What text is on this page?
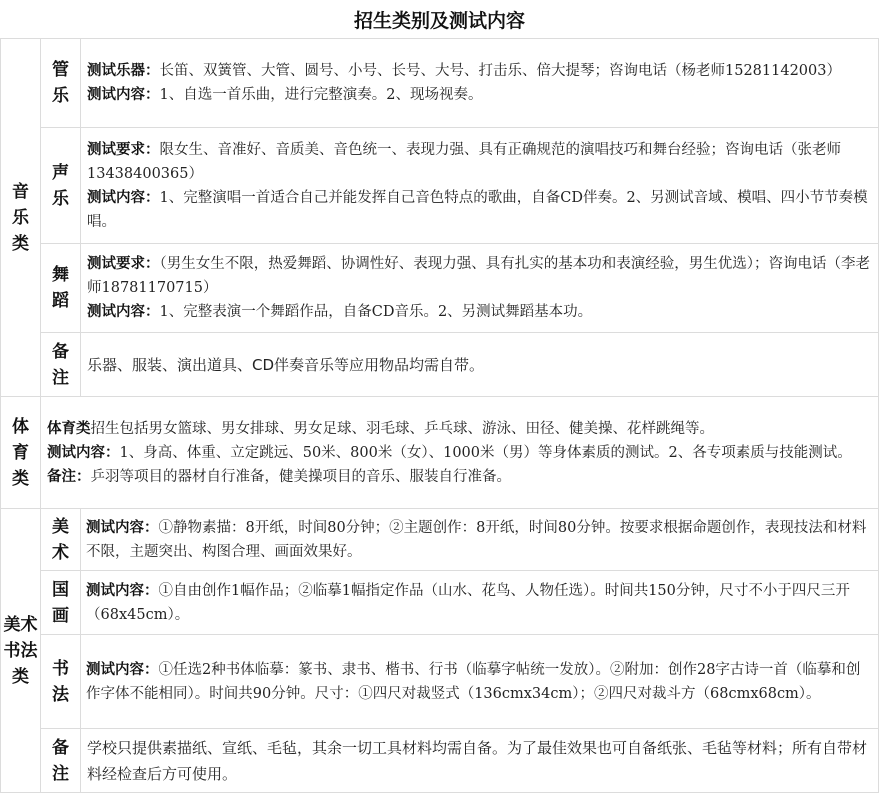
招生类别及测试内容
音乐类	管乐	测试乐器：长笛、双簧管、大管、圆号、小号、长号、大号、打击乐、倍大提琴；咨询电话（杨老师15281142003）
测试内容：1、自选一首乐曲，进行完整演奏。2、现场视奏。

	声乐	测试要求：限女生、音准好、音质美、音色统一、表现力强、具有正确规范的演唱技巧和舞台经验；咨询电话（张老师13438400365）
测试内容：1、完整演唱一首适合自己并能发挥自己音色特点的歌曲，自备CD伴奏。2、另测试音域、模唱、四小节节奏模唱。

	舞蹈	测试要求：（男生女生不限，热爱舞蹈、协调性好、表现力强、具有扎实的基本功和表演经验，男生优选）；咨询电话（李老师18781170715）
测试内容：1、完整表演一个舞蹈作品，自备CD音乐。2、另测试舞蹈基本功。

	备注	乐器、服装、演出道具、CD伴奏音乐等应用物品均需自带。
体育类	体育类招生包括男女篮球、男女排球、男女足球、羽毛球、乒乓球、游泳、田径、健美操、花样跳绳等。
测试内容：1、身高、体重、立定跳远、50米、800米（女）、1000米（男）等身体素质的测试。2、各专项素质与技能测试。
备注：乒羽等项目的器材自行准备，健美操项目的音乐、服装自行准备。	

美术书法类	美术	测试内容：①静物素描：8开纸，时间80分钟；②主题创作：8开纸，时间80分钟。按要求根据命题创作，表现技法和材料不限，主题突出、构图合理、画面效果好。

	国画	测试内容：①自由创作1幅作品；②临摹1幅指定作品（山水、花鸟、人物任选）。时间共150分钟，尺寸不小于四尺三开（68x45cm）。

	书法	测试内容：①任选2种书体临摹：篆书、隶书、楷书、行书（临摹字帖统一发放）。②附加：创作28字古诗一首（临摹和创作字体不能相同）。时间共90分钟。尺寸：①四尺对裁竖式（136cmx34cm）；②四尺对裁斗方（68cmx68cm）。

	备注	学校只提供素描纸、宣纸、毛毡，其余一切工具材料均需自备。为了最佳效果也可自备纸张、毛毡等材料；所有自带材料经检查后方可使用。
